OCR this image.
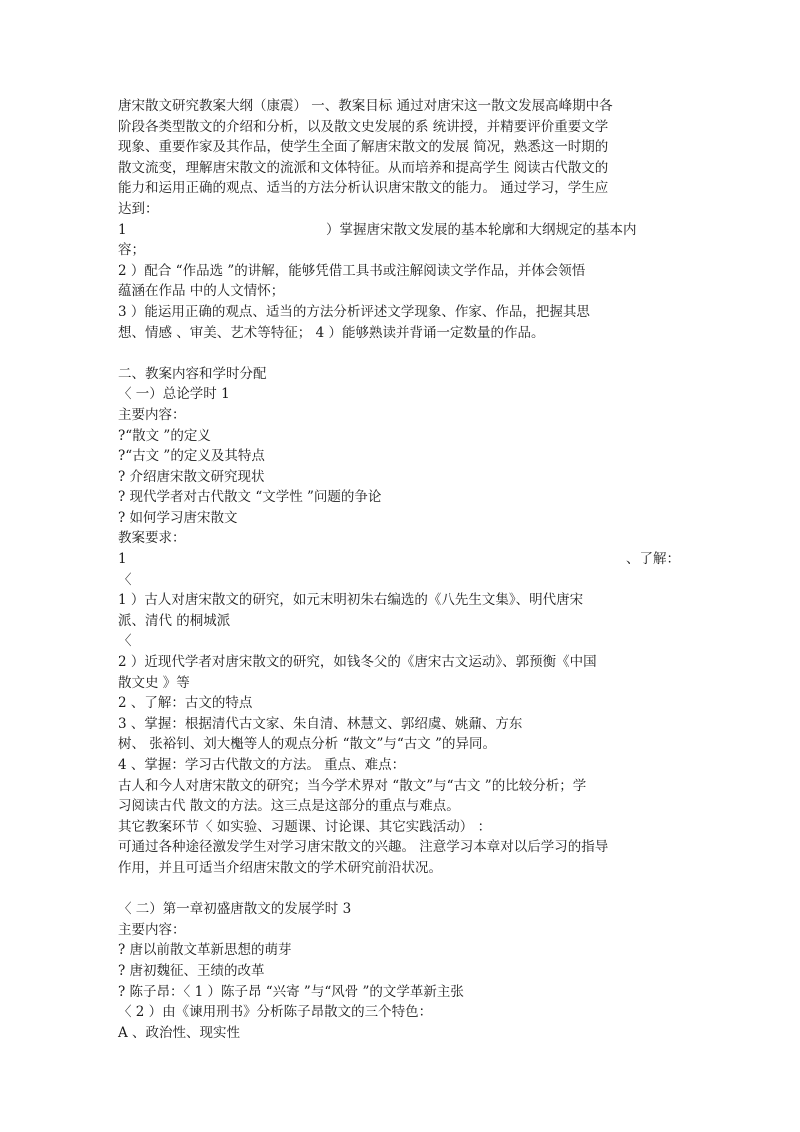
唐宋散文研究教案大纲（康震） 一、教案目标 通过对唐宋这一散文发展高峰期中各
阶段各类型散文的介绍和分析，以及散文史发展的系 统讲授，并精要评价重要文学
现象、重要作家及其作品，使学生全面了解唐宋散文的发展 简况，熟悉这一时期的
散文流变，理解唐宋散文的流派和文体特征。从而培养和提高学生 阅读古代散文的
能力和运用正确的观点、适当的方法分析认识唐宋散文的能力。 通过学习，学生应
达到：
1	）掌握唐宋散文发展的基本轮廓和大纲规定的基本内
容；
2 ）配合 “作品选 ”的讲解，能够凭借工具书或注解阅读文学作品，并体会领悟
蕴涵在作品 中的人文情怀；
3 ）能运用正确的观点、适当的方法分析评述文学现象、作家、作品，把握其思
想、情感 、审美、艺术等特征； 4 ）能够熟读并背诵一定数量的作品。
二、教案内容和学时分配
〈 一）总论学时 1
主要内容：
?“散文 ”的定义
?“古文 ”的定义及其特点
? 介绍唐宋散文研究现状
? 现代学者对古代散文 “文学性 ”问题的争论
? 如何学习唐宋散文
教案要求：
1	、了解：
〈
1 ）古人对唐宋散文的研究，如元末明初朱右编选的《八先生文集》、明代唐宋
派、清代 的桐城派
〈
2 ）近现代学者对唐宋散文的研究，如钱冬父的《唐宋古文运动》、郭预衡《中国
散文史 》等
2 、了解：古文的特点
3 、掌握：根据清代古文家、朱自清、林慧文、郭绍虞、姚鼐、方东
树、 张裕钊、刘大櫆等人的观点分析 “散文”与“古文 ”的异同。
4 、掌握：学习古代散文的方法。 重点、难点：
古人和今人对唐宋散文的研究；当今学术界对 “散文”与“古文 ”的比较分析；学
习阅读古代 散文的方法。这三点是这部分的重点与难点。
其它教案环节〈 如实验、习题课、讨论课、其它实践活动） ：
可通过各种途径激发学生对学习唐宋散文的兴趣。 注意学习本章对以后学习的指导
作用，并且可适当介绍唐宋散文的学术研究前沿状况。
〈 二）第一章初盛唐散文的发展学时 3
主要内容：
? 唐以前散文革新思想的萌芽
? 唐初魏征、王绩的改革
? 陈子昂：〈 1 ）陈子昂 “兴寄 ”与“风骨 ”的文学革新主张
〈 2 ）由《谏用刑书》分析陈子昂散文的三个特色：
A 、政治性、现实性
